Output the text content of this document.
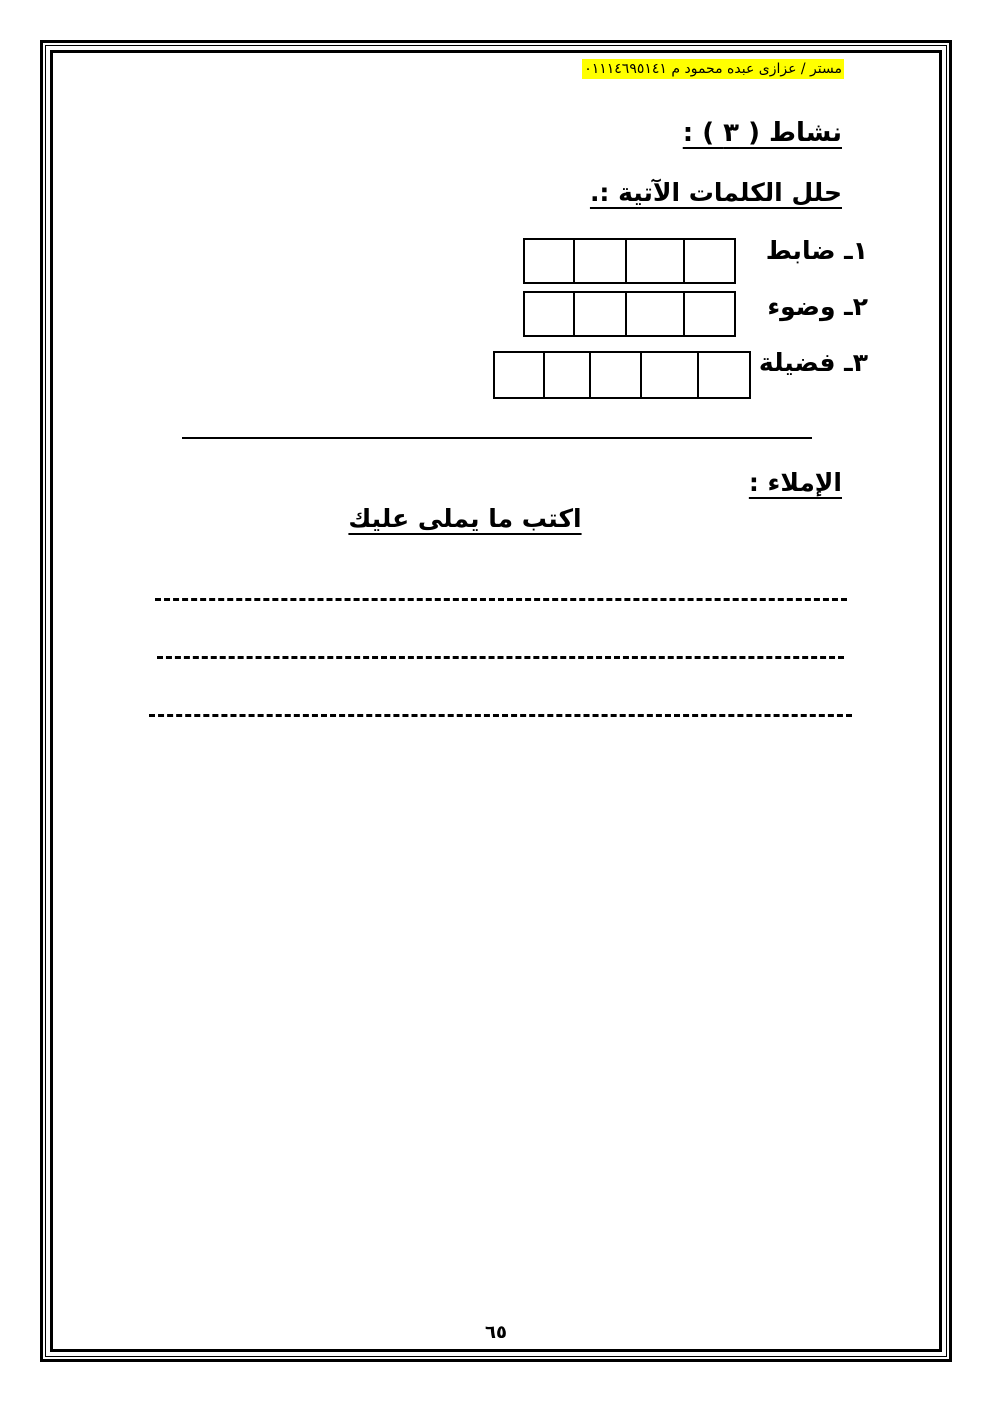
مستر / عزازى عبده محمود م ٠١١١٤٦٩٥١٤١
نشاط ( ٣ ) :
حلل الكلمات الآتية :.
١ـ ضابط
٢ـ وضوء
٣ـ فضيلة
الإملاء :
اكتب ما يملى عليك
٦٥
